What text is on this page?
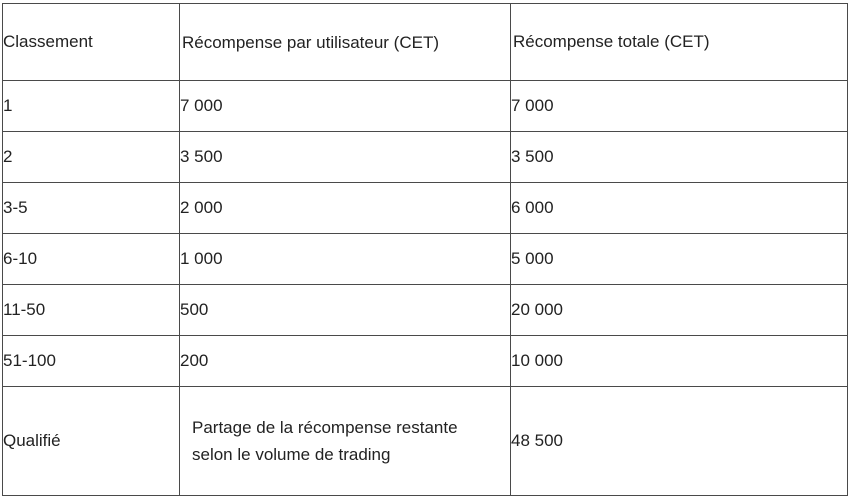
Classement	Récompense par utilisateur (CET)	Récompense totale (CET)
1	7 000	7 000
2	3 500	3 500
3-5	2 000	6 000
6-10	1 000	5 000
11-50	500	20 000
51-100	200	10 000
Qualifié	Partage de la récompense restante selon le volume de trading	48 500
